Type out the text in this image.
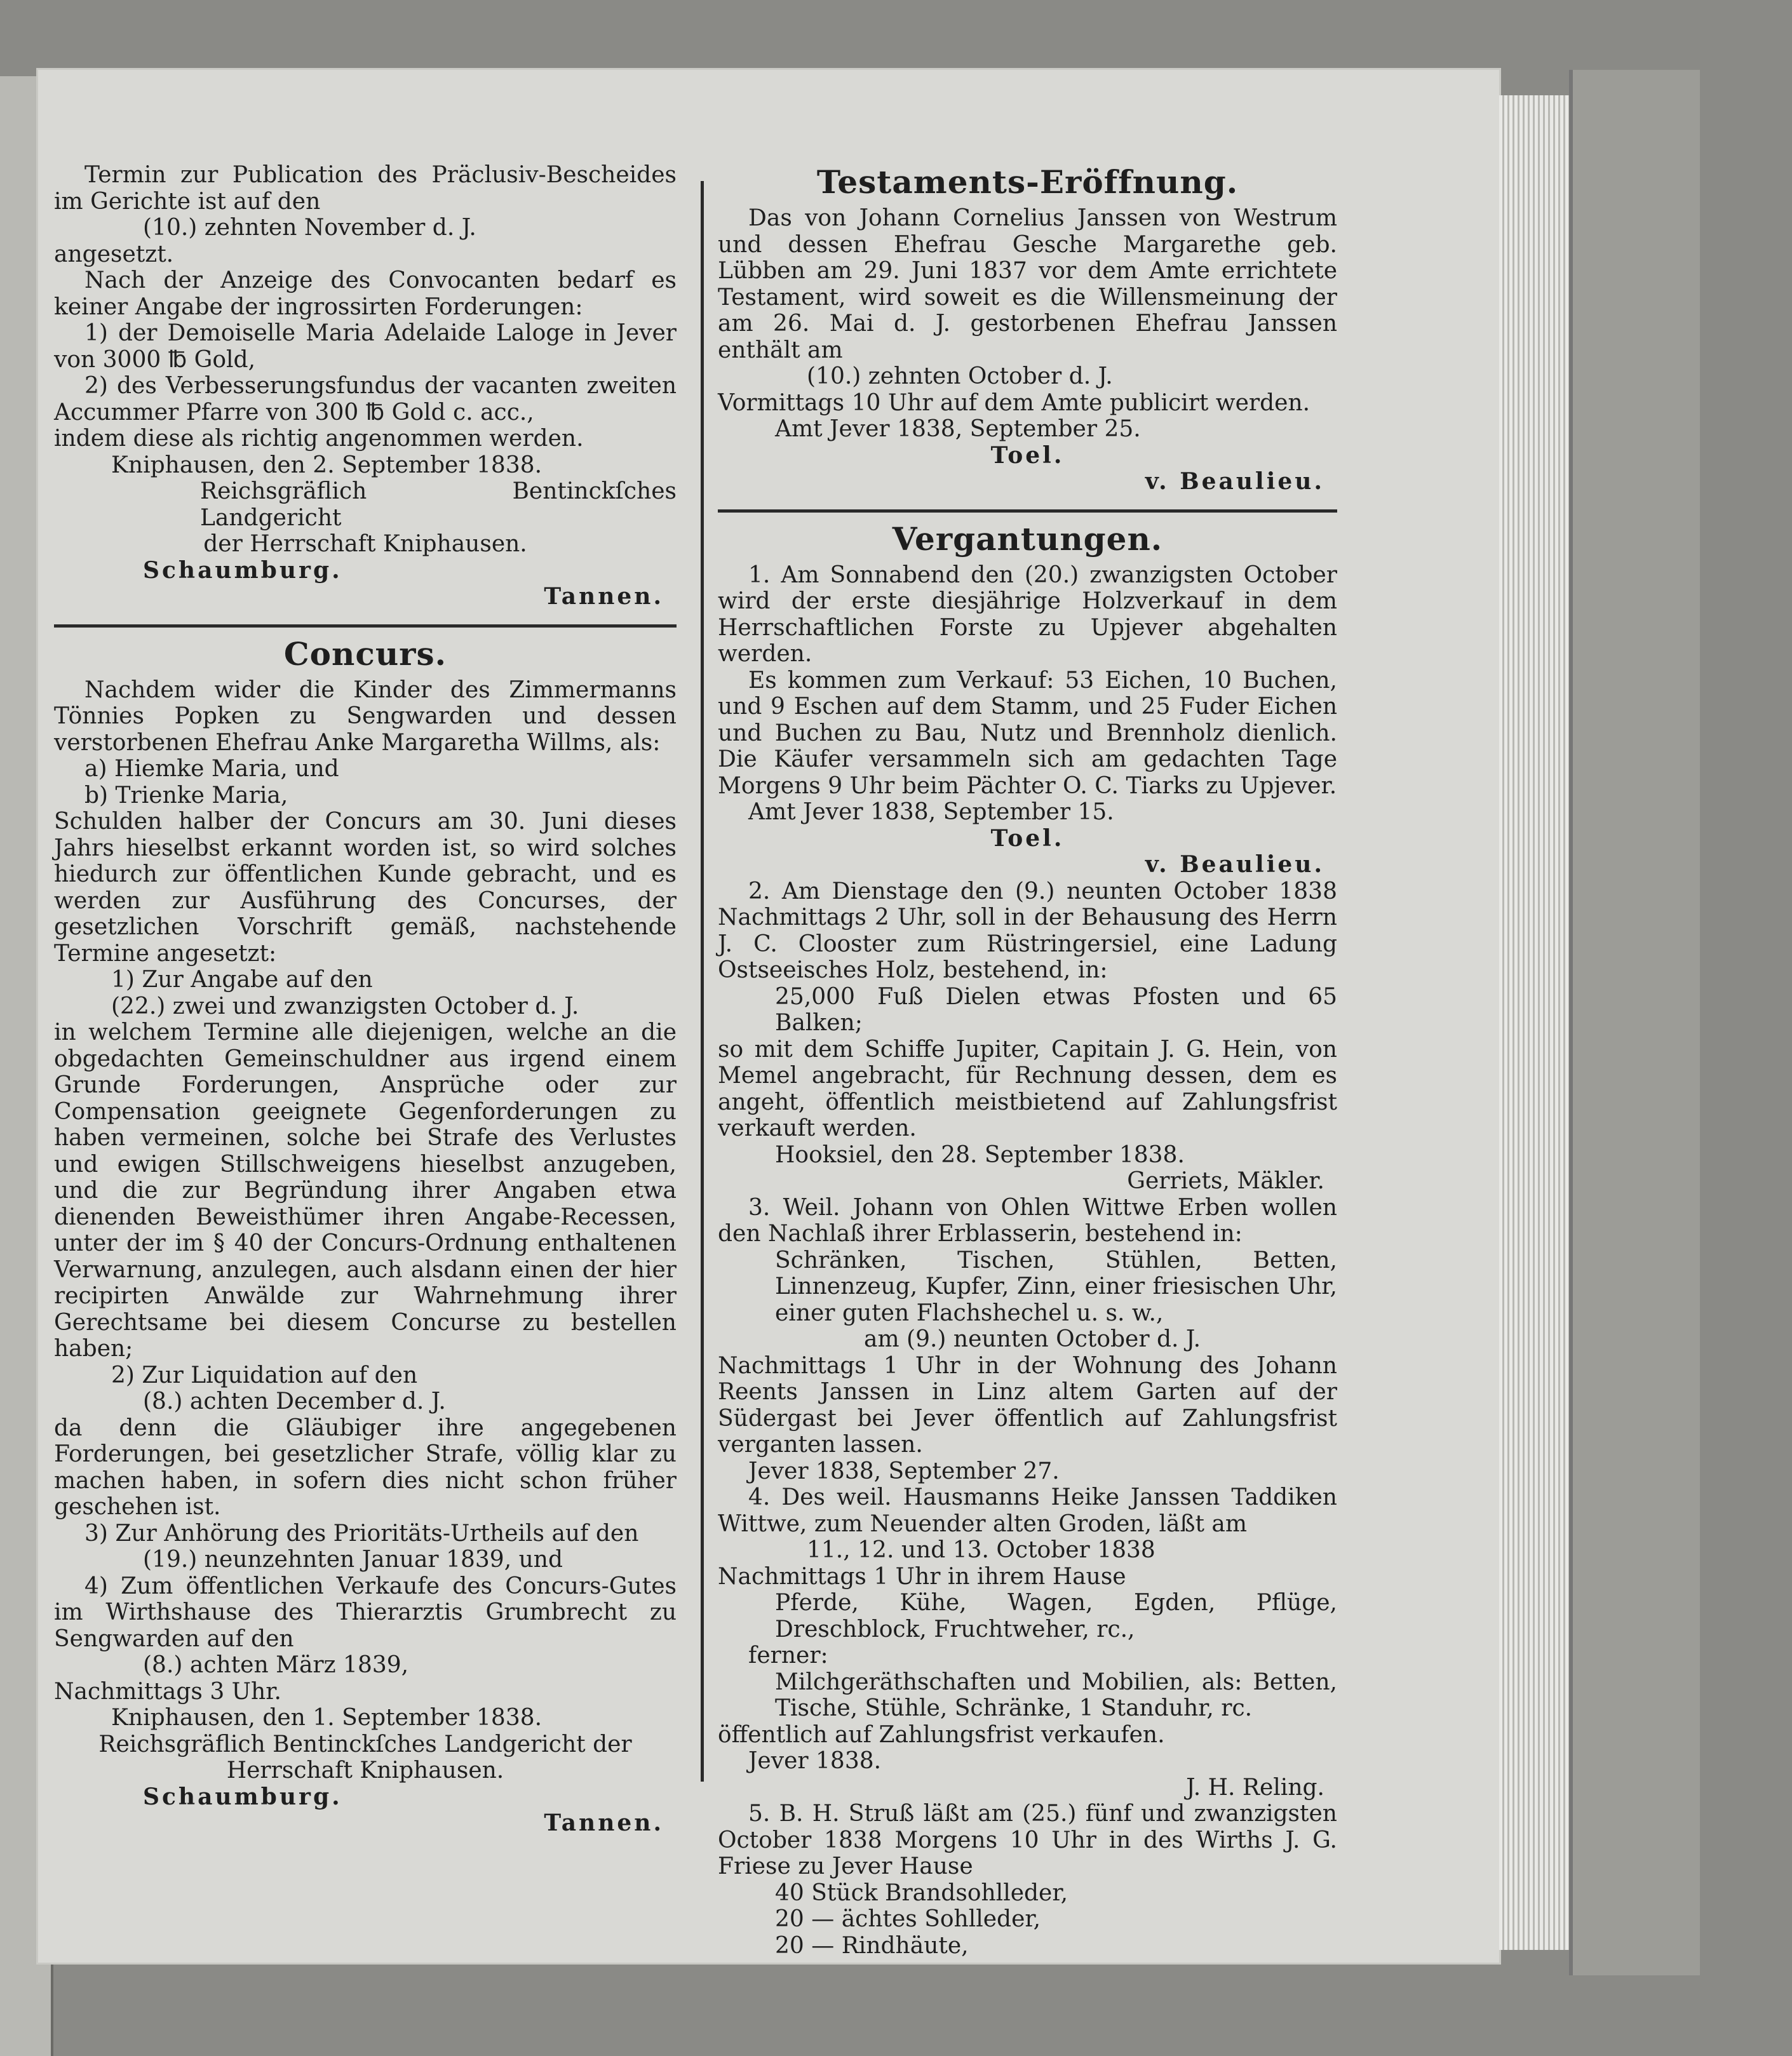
Termin zur Publication des Präclusiv-Bescheides im Gerichte ist auf den

(10.) zehnten November d. J.

angesetzt.

Nach der Anzeige des Convocanten bedarf es keiner Angabe der ingrossirten Forderungen:

1) der Demoiselle Maria Adelaide Laloge in Jever von 3000 ℔ Gold,

2) des Verbesserungsfundus der vacanten zweiten Accummer Pfarre von 300 ℔ Gold c. acc.,

indem diese als richtig angenommen werden.

Kniphausen, den 2. September 1838.

Reichsgräflich Bentinckſches Landgericht

der Herrschaft Kniphausen.

Schaumburg.

Tannen.

Concurs.

Nachdem wider die Kinder des Zimmermanns Tönnies Popken zu Sengwarden und dessen verstorbenen Ehefrau Anke Margaretha Willms, als:

a) Hiemke Maria, und

b) Trienke Maria,

Schulden halber der Concurs am 30. Juni dieses Jahrs hieselbst erkannt worden ist, so wird solches hiedurch zur öffentlichen Kunde gebracht, und es werden zur Ausführung des Concurses, der gesetzlichen Vorschrift gemäß, nachstehende Termine angesetzt:

1) Zur Angabe auf den

(22.) zwei und zwanzigsten October d. J.

in welchem Termine alle diejenigen, welche an die obgedachten Gemeinschuldner aus irgend einem Grunde Forderungen, Ansprüche oder zur Compensation geeignete Gegenforderungen zu haben vermeinen, solche bei Strafe des Verlustes und ewigen Stillschweigens hieselbst anzugeben, und die zur Begründung ihrer Angaben etwa dienenden Beweisthümer ihren Angabe-Recessen, unter der im § 40 der Concurs-Ordnung enthaltenen Verwarnung, anzulegen, auch alsdann einen der hier recipirten Anwälde zur Wahrnehmung ihrer Gerechtsame bei diesem Concurse zu bestellen haben;

2) Zur Liquidation auf den

(8.) achten December d. J.

da denn die Gläubiger ihre angegebenen Forderungen, bei gesetzlicher Strafe, völlig klar zu machen haben, in sofern dies nicht schon früher geschehen ist.

3) Zur Anhörung des Prioritäts-Urtheils auf den

(19.) neunzehnten Januar 1839, und

4) Zum öffentlichen Verkaufe des Concurs-Gutes im Wirthshause des Thierarztis Grumbrecht zu Sengwarden auf den

(8.) achten März 1839,

Nachmittags 3 Uhr.

Kniphausen, den 1. September 1838.

Reichsgräflich Bentinckſches Landgericht der Herrschaft Kniphausen.

Schaumburg.

Tannen.

Testaments-Eröffnung.

Das von Johann Cornelius Janssen von Westrum und dessen Ehefrau Gesche Margarethe geb. Lübben am 29. Juni 1837 vor dem Amte errichtete Testament, wird soweit es die Willensmeinung der am 26. Mai d. J. gestorbenen Ehefrau Janssen enthält am

(10.) zehnten October d. J.

Vormittags 10 Uhr auf dem Amte publicirt werden.

Amt Jever 1838, September 25.

Toel.

v. Beaulieu.

Vergantungen.

1. Am Sonnabend den (20.) zwanzigsten October wird der erste diesjährige Holzverkauf in dem Herrschaftlichen Forste zu Upjever abgehalten werden.

Es kommen zum Verkauf: 53 Eichen, 10 Buchen, und 9 Eschen auf dem Stamm, und 25 Fuder Eichen und Buchen zu Bau, Nutz und Brennholz dienlich. Die Käufer versammeln sich am gedachten Tage Morgens 9 Uhr beim Pächter O. C. Tiarks zu Upjever.

Amt Jever 1838, September 15.

Toel.

v. Beaulieu.

2. Am Dienstage den (9.) neunten October 1838 Nachmittags 2 Uhr, soll in der Behausung des Herrn J. C. Clooster zum Rüstringersiel, eine Ladung Ostseeisches Holz, bestehend, in:

25,000 Fuß Dielen etwas Pfosten und 65 Balken;

so mit dem Schiffe Jupiter, Capitain J. G. Hein, von Memel angebracht, für Rechnung dessen, dem es angeht, öffentlich meistbietend auf Zahlungsfrist verkauft werden.

Hooksiel, den 28. September 1838.

Gerriets, Mäkler.

3. Weil. Johann von Ohlen Wittwe Erben wollen den Nachlaß ihrer Erblasserin, bestehend in:

Schränken, Tischen, Stühlen, Betten, Linnenzeug, Kupfer, Zinn, einer friesischen Uhr, einer guten Flachshechel u. s. w.,

am (9.) neunten October d. J.

Nachmittags 1 Uhr in der Wohnung des Johann Reents Janssen in Linz altem Garten auf der Südergast bei Jever öffentlich auf Zahlungsfrist verganten lassen.

Jever 1838, September 27.

4. Des weil. Hausmanns Heike Janssen Taddiken Wittwe, zum Neuender alten Groden, läßt am

11., 12. und 13. October 1838

Nachmittags 1 Uhr in ihrem Hause

Pferde, Kühe, Wagen, Egden, Pflüge, Dreschblock, Fruchtweher, rc.,

ferner:

Milchgeräthschaften und Mobilien, als: Betten, Tische, Stühle, Schränke, 1 Standuhr, rc.

öffentlich auf Zahlungsfrist verkaufen.

Jever 1838.

J. H. Reling.

5. B. H. Struß läßt am (25.) fünf und zwanzigsten October 1838 Morgens 10 Uhr in des Wirths J. G. Friese zu Jever Hause

40 Stück Brandsohlleder,

20 — ächtes Sohlleder,

20 — Rindhäute,
